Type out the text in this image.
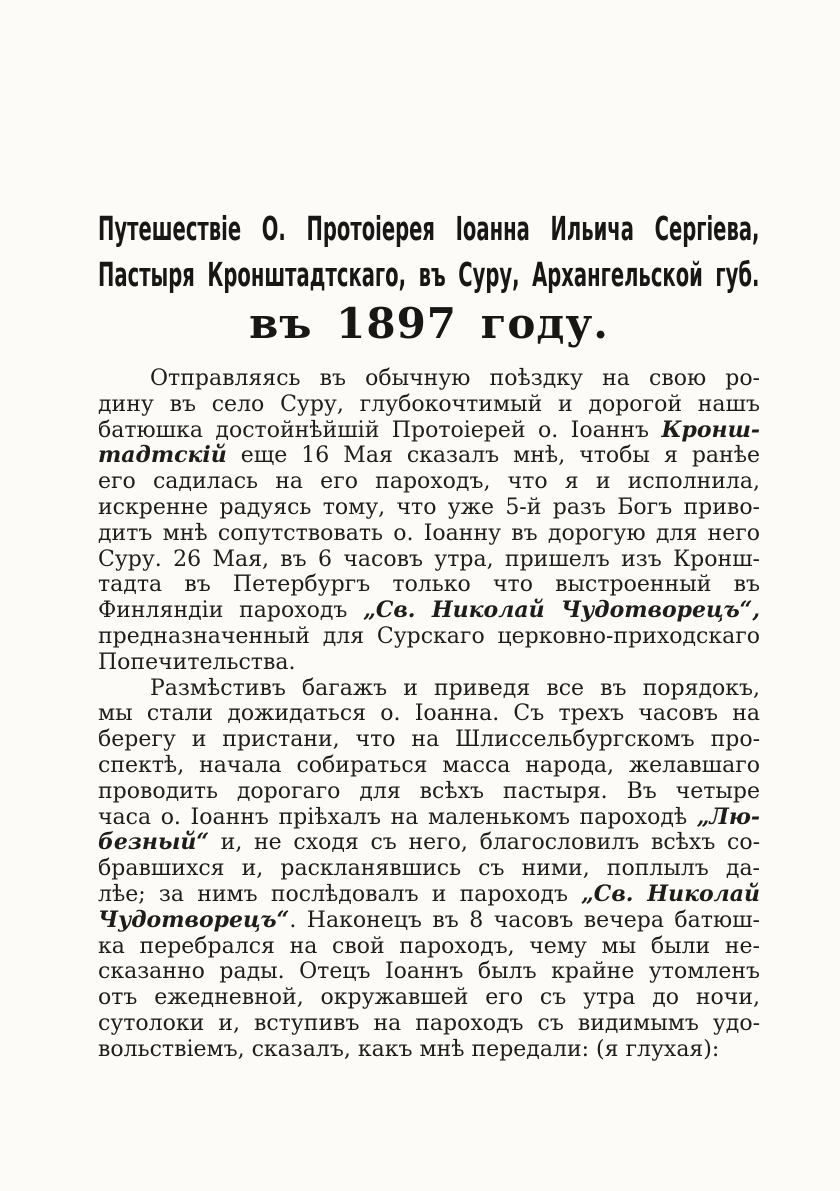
Путешествіе О. Протоіерея Іоанна Ильича Сергіева,
Пастыря Кронштадтскаго, въ Суру, Архангельской губ.
въ 1897 году.
Отправляясь въ обычную поѣздку на свою ро-
дину въ село Суру, глубокочтимый и дорогой нашъ
батюшка достойнѣйшій Протоіерей о. Іоаннъ Кронш-
тадтскій еще 16 Мая сказалъ мнѣ, чтобы я ранѣе
его садилась на его пароходъ, что я и исполнила,
искренне радуясь тому, что уже 5-й разъ Богъ приво-
дитъ мнѣ сопутствовать о. Іоанну въ дорогую для него
Суру. 26 Мая, въ 6 часовъ утра, пришелъ изъ Кронш-
тадта въ Петербургъ только что выстроенный въ
Финляндіи пароходъ „Св. Николай Чудотворецъ“,
предназначенный для Сурскаго церковно-приходскаго
Попечительства.
Размѣстивъ багажъ и приведя все въ порядокъ,
мы стали дожидаться о. Іоанна. Съ трехъ часовъ на
берегу и пристани, что на Шлиссельбургскомъ про-
спектѣ, начала собираться масса народа, желавшаго
проводить дорогаго для всѣхъ пастыря. Въ четыре
часа о. Іоаннъ пріѣхалъ на маленькомъ пароходѣ „Лю-
безный“ и, не сходя съ него, благословилъ всѣхъ со-
бравшихся и, раскланявшись съ ними, поплылъ да-
лѣе; за нимъ послѣдовалъ и пароходъ „Св. Николай
Чудотворецъ“. Наконецъ въ 8 часовъ вечера батюш-
ка перебрался на свой пароходъ, чему мы были не-
сказанно рады. Отецъ Іоаннъ былъ крайне утомленъ
отъ ежедневной, окружавшей его съ утра до ночи,
сутолоки и, вступивъ на пароходъ съ видимымъ удо-
вольствіемъ, сказалъ, какъ мнѣ передали: (я глухая):
